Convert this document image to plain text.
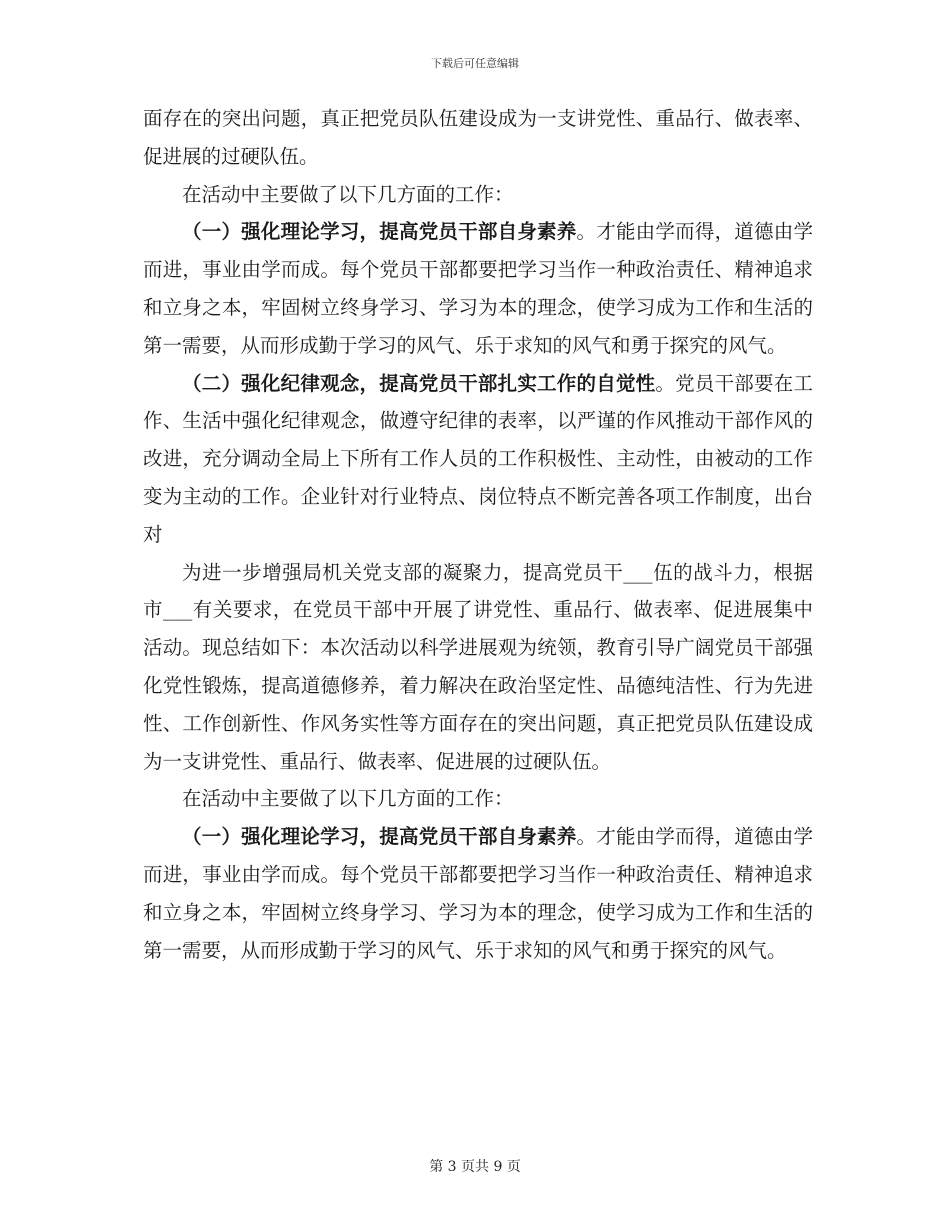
下载后可任意编辑

面存在的突出问题，真正把党员队伍建设成为一支讲党性、重品行、做表率、促进展的过硬队伍。

在活动中主要做了以下几方面的工作：

（一）强化理论学习，提高党员干部自身素养。才能由学而得，道德由学而进，事业由学而成。每个党员干部都要把学习当作一种政治责任、精神追求和立身之本，牢固树立终身学习、学习为本的理念，使学习成为工作和生活的第一需要，从而形成勤于学习的风气、乐于求知的风气和勇于探究的风气。

（二）强化纪律观念，提高党员干部扎实工作的自觉性。党员干部要在工作、生活中强化纪律观念，做遵守纪律的表率，以严谨的作风推动干部作风的改进，充分调动全局上下所有工作人员的工作积极性、主动性，由被动的工作变为主动的工作。企业针对行业特点、岗位特点不断完善各项工作制度，出台对

为进一步增强局机关党支部的凝聚力，提高党员干___伍的战斗力，根据市___有关要求，在党员干部中开展了讲党性、重品行、做表率、促进展集中活动。现总结如下：本次活动以科学进展观为统领，教育引导广阔党员干部强化党性锻炼，提高道德修养，着力解决在政治坚定性、品德纯洁性、行为先进性、工作创新性、作风务实性等方面存在的突出问题，真正把党员队伍建设成为一支讲党性、重品行、做表率、促进展的过硬队伍。

在活动中主要做了以下几方面的工作：

（一）强化理论学习，提高党员干部自身素养。才能由学而得，道德由学而进，事业由学而成。每个党员干部都要把学习当作一种政治责任、精神追求和立身之本，牢固树立终身学习、学习为本的理念，使学习成为工作和生活的第一需要，从而形成勤于学习的风气、乐于求知的风气和勇于探究的风气。

第 3 页共 9 页
